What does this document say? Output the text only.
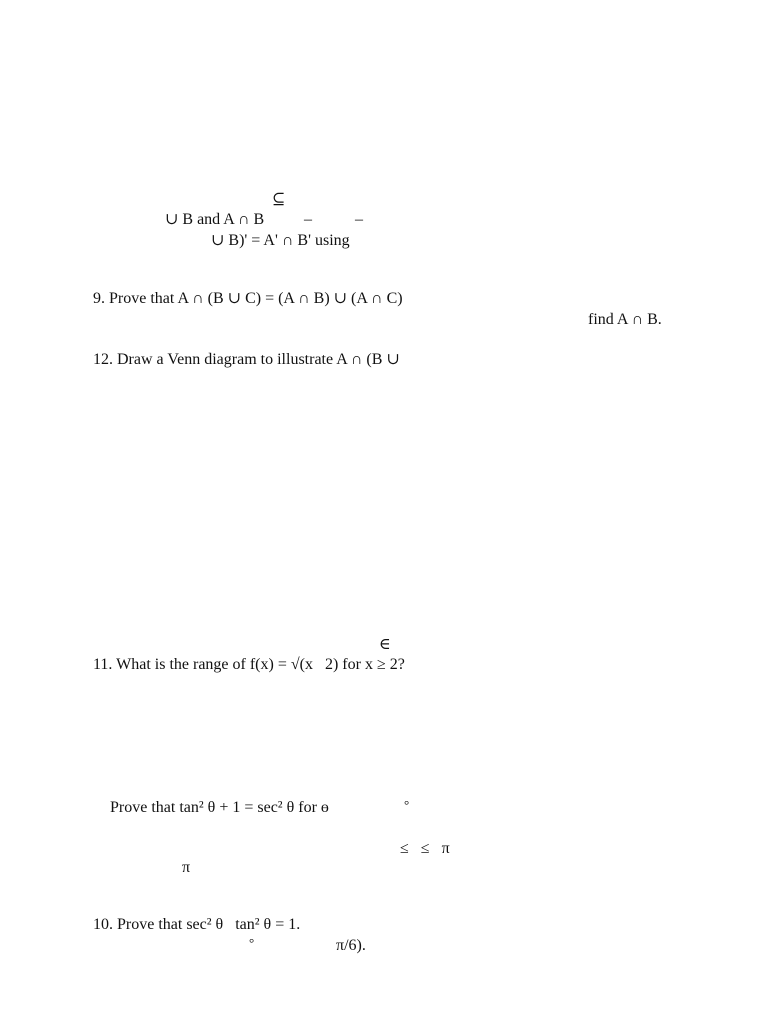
⊆
∪ B and A ∩ B –	–
∪ B)' = A' ∩ B' using
9. Prove that A ∩ (B ∪ C) = (A ∩ B) ∪ (A ∩ C)
find A ∩ B.
12. Draw a Venn diagram to illustrate A ∩ (B ∪
∈
11. What is the range of f(x) = √(x   2) for x ≥ 2?
Prove that tan² θ + 1 = sec² θ for ɵ	°
≤   ≤   π
π
10. Prove that sec² θ   tan² θ = 1.
°	π/6).
